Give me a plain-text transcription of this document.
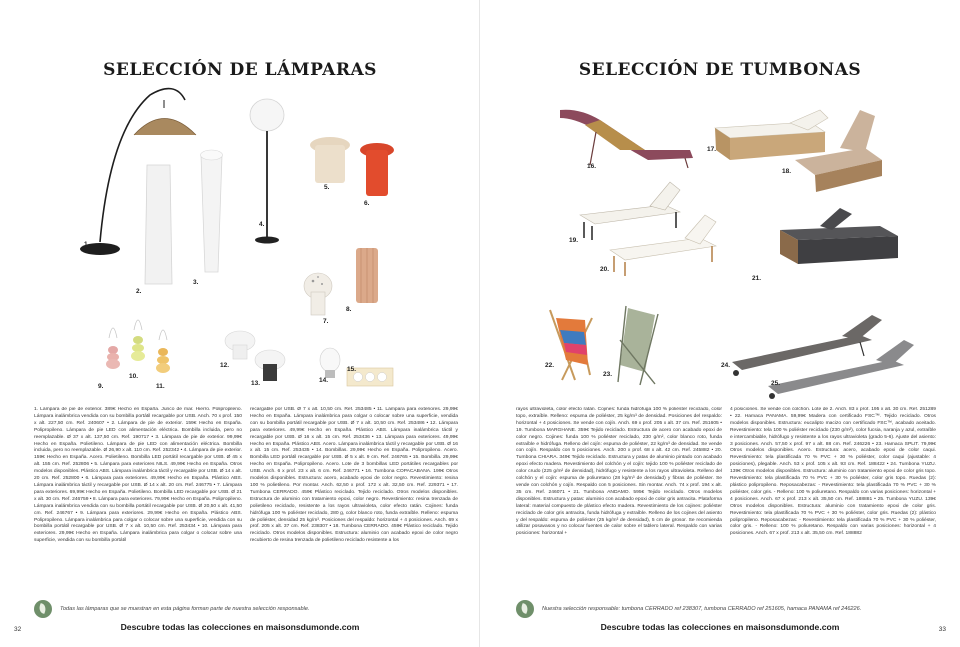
SELECCIÓN DE LÁMPARAS
1.
2.
3.
4.
5.
6.
7.
8.
9.
10.
11.
12.
13.	14.
15.
1. Lámpara de pie de exterior. 389€ Hecho en España. Junco de mar. Hierro. Polipropileno. Lámpara inalámbrica vendida con su bombilla portátil recargable por USB. Anch. 70 x prof. 150 x alt. 227,50 cm. Ref. 240607 • 2. Lámpara de pie de exterior. 159€ Hecho en España. Polipropileno. Lámpara de pie LED con alimentación eléctrica. Bombilla incluida, pero no reemplazable. Ø 37 x alt. 137,50 cm. Ref. 190717 • 3. Lámpara de pie de exterior. 99,99€ Hecho en España. Polietileno. Lámpara de pie LED con alimentación eléctrica. Bombilla incluida, pero no reemplazable. Ø 26,90 x alt. 110 cm. Ref. 252342 • 4. Lámpara de pie exterior. 159€ Hecho en España. Acero. Polietileno. Bombilla LED portátil recargable por USB. Ø 45 x alt. 155 cm. Ref. 252806 • 5. Lámpara para exteriores NILS. 49,99€ Hecho en España. Otros modelos disponibles. Plástico ABS. Lámpara inalámbrica táctil y recargable por USB. Ø 14 x alt. 20 cm. Ref. 252800 • 6. Lámpara para exteriores. 49,99€ Hecho en España. Plástico ABS. Lámpara inalámbrica táctil y recargable por USB. Ø 14 x alt. 20 cm. Ref. 246775 • 7. Lámpara para exteriores. 69,99€ Hecho en España. Polietileno. Bombilla LED recargable por USB. Ø 21 x alt. 30 cm. Ref. 246759 • 8. Lámpara para exteriores. 79,99€ Hecho en España. Polipropileno. Lámpara inalámbrica vendida con su bombilla portátil recargable por USB. Ø 20,50 x alt. 41,50 cm. Ref. 246767 • 9. Lámpara para exteriores. 29,99€ Hecho en España. Plástico ABS. Polipropileno. Lámpara inalámbrica para colgar o colocar sobre una superficie, vendida con su bombilla portátil recargable por USB. Ø 7 x alt. 10,50 cm. Ref. 253434 • 10. Lámpara para exteriores. 29,99€ Hecho en España. Lámpara inalámbrica para colgar o colocar sobre una superficie, vendida con su bombilla portátil
recargable por USB. Ø 7 x alt. 10,50 cm. Ref. 253485 • 11. Lámpara para exteriores. 29,99€ Hecho en España. Lámpara inalámbrica para colgar o colocar sobre una superficie, vendida con su bombilla portátil recargable por USB. Ø 7 x alt. 10,50 cm. Ref. 253486 • 12. Lámpara para exteriores. 49,99€ Hecho en España. Plástico ABS. Lámpara inalámbrica táctil y recargable por USB. Ø 16 x alt. 15 cm. Ref. 253436 • 13. Lámpara para exteriores. 49,99€ Hecho en España. Plástico ABS. Acero. Lámpara inalámbrica táctil y recargable por USB. Ø 16 x alt. 15 cm. Ref. 253435 • 14. Bombillas. 29,99€ Hecho en España. Polipropileno. Acero. Bombilla LED portátil recargable por USB. Ø 5 x alt. 9 cm. Ref. 246765 • 15. Bombilla. 29,99€ Hecho en España. Polipropileno. Acero. Lote de 3 bombillas LED portátiles recargables por USB. Anch. 6 x prof. 23 x alt. 6 cm. Ref. 246771 • 16. Tumbona COPACABANA. 199€ Otros modelos disponibles. Estructura: acero, acabado epoxi de color negro. Revestimiento: resina 100 % polietileno. Por montar. Anch. 62,50 x prof. 172 x alt. 32,50 cm. Ref. 229371 • 17. Tumbona CERRADO. 459€ Plástico reciclado. Tejido reciclado. Otros modelos disponibles. Estructura de aluminio con tratamiento epoxi, color negro. Revestimiento: resina trenzada de polietileno reciclado, resistente a los rayos ultravioleta, color efecto ratán. Cojines: funda hidrófuga 100 % poliéster reciclado, 280 g, color blanco roto, funda extraíble. Relleno: espuma de poliéster, densidad 25 kg/m³. Posiciones del respaldo: horizontal + 4 posiciones. Anch. 69 x prof. 205 x alt. 37 cm. Ref. 238307 • 18. Tumbona CERRADO. 459€ Plástico reciclado. Tejido reciclado. Otros modelos disponibles. Estructura: aluminio con acabado epoxi de color negro recubierto de resina trenzada de polietileno reciclado resistente a los
Todas las lámparas que se muestran en esta página forman parte de nuestra selección responsable.
Descubre todas las colecciones en maisonsdumonde.com
32
SELECCIÓN DE TUMBONAS
16.
17.
18.
19.
20.
21.
22.
23.
24.
25.
rayos ultravioleta, color efecto ratán. Cojines: funda hidrófuga 100 % poliéster reciclado, color topo, extraíble. Relleno: espuma de poliéster, 25 kg/m³ de densidad. Posiciones del respaldo: horizontal + 4 posiciones. Se vende con cojín. Anch. 69 x prof. 205 x alt. 37 cm. Ref. 251605 • 19. Tumbona MARGHANE. 359€ Tejido reciclado. Estructura de acero con acabado epoxi de color negro. Cojines: funda 100 % poliéster reciclado, 230 g/m², color blanco roto, funda extraíble e hidrófuga. Relleno del cojín: espuma de poliéster, 22 kg/m³ de densidad. Se vende con cojín. Respaldo con 5 posiciones. Anch. 200 x prof. 68 x alt. 42 cm. Ref. 245882 • 20. Tumbona CHIARA. 349€ Tejido reciclado. Estructura y patas de aluminio pintado con acabado epoxi efecto madera. Revestimiento del colchón y el cojín: tejido 100 % poliéster reciclado de color crudo (225 g/m² de densidad), hidrófugo y resistente a los rayos ultravioleta. Relleno del colchón y el cojín: espuma de poliuretano (28 kg/m³ de densidad) y fibras de poliéster. Se vende con colchón y cojín. Respaldo con 5 posiciones. Sin montar. Anch. 74 x prof. 194 x alt. 35 cm. Ref. 246071 • 21. Tumbona ANDAMO. 595€ Tejido reciclado. Otros modelos disponibles. Estructura y patas: aluminio con acabado epoxi de color gris antracita. Plataforma lateral: material compuesto de plástico efecto madera. Revestimiento de los cojines: poliéster reciclado de color gris antracita, funda hidrófuga y extraíble. Relleno de los cojines del asiento y del respaldo: espuma de poliéster (25 kg/m³ de densidad), 5 cm de grosor. Se recomienda utilizar posavasos y no colocar fuentes de calor sobre el tablero lateral. Respaldo con varias posiciones: horizontal +
4 posiciones. Se vende con colchón. Lote de 2. Anch. 83 x prof. 195 x alt. 30 cm. Ref. 251289 • 22. Hamaca PANAMA. 59,99€ Madera con certificado FSC™. Tejido reciclado. Otros modelos disponibles. Estructura: eucalipto macizo con certificado FSC™, acabado aceitado. Revestimiento: tela 100 % poliéster reciclado (230 g/m²), color fucsia, naranja y azul, extraíble e intercambiable, hidrófugo y resistente a los rayos ultravioleta (grado 5-6). Ajuste del asiento: 3 posiciones. Anch. 57,50 x prof. 97 x alt. 88 cm. Ref. 246226 • 23. Hamaca SPLIT. 79,99€ Otros modelos disponibles. Acero. Estructura: acero, acabado epoxi de color caqui. Revestimiento: tela plastificada 70 % PVC + 30 % poliéster, color caqui (ajustable: 4 posiciones), plegable. Anch. 53 x prof. 105 x alt. 93 cm. Ref. 188422 • 24. Tumbona YUZU. 139€ Otros modelos disponibles. Estructura: aluminio con tratamiento epoxi de color gris topo. Revestimiento: tela plastificada 70 % PVC + 30 % poliéster, color gris topo. Ruedas (2): plástico polipropileno. Reposacabezas: - Revestimiento: tela plastificada 70 % PVC + 30 % poliéster, color gris. - Relleno: 100 % poliuretano. Respaldo con varias posiciones: horizontal + 4 posiciones. Anch. 67 x prof. 213 x alt. 35,50 cm. Ref. 188881 • 25. Tumbona YUZU. 139€ Otros modelos disponibles. Estructura: aluminio con tratamiento epoxi de color gris. Revestimiento: tela plastificada 70 % PVC + 30 % poliéster, color gris. Ruedas (2): plástico polipropileno. Reposacabezas: - Revestimiento: tela plastificada 70 % PVC + 30 % poliéster, color gris. - Relleno: 100 % poliuretano. Respaldo con varias posiciones: horizontal + 4 posiciones. Anch. 67 x prof. 213 x alt. 35,50 cm. Ref. 188882
Nuestra selección responsable: tumbona CERRADO ref 238307, tumbona CERRADO ref 251605, hamaca PANAMA ref 246226.
Descubre todas las colecciones en maisonsdumonde.com	33
